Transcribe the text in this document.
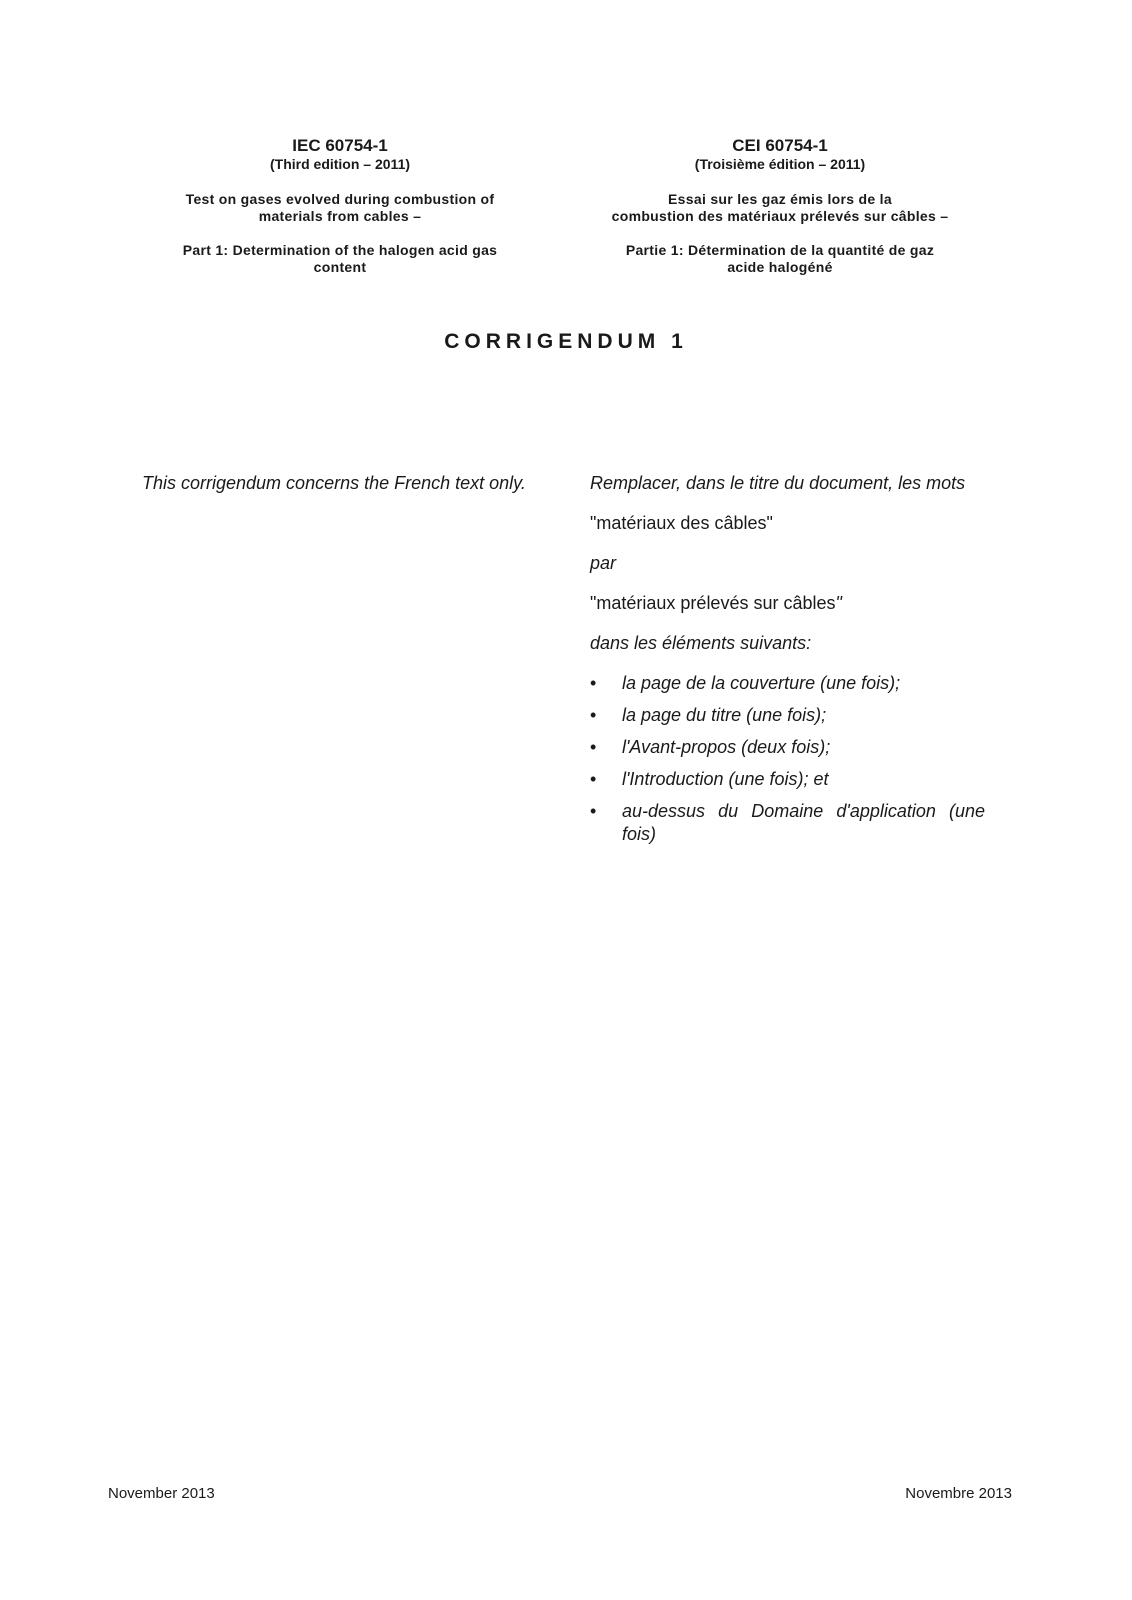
IEC 60754-1
(Third edition – 2011)
Test on gases evolved during combustion of
materials from cables –
Part 1: Determination of the halogen acid gas
content
CEI 60754-1
(Troisième édition – 2011)
Essai sur les gaz émis lors de la
combustion des matériaux prélevés sur câbles –
Partie 1: Détermination de la quantité de gaz
acide halogéné
CORRIGENDUM 1

This corrigendum concerns the French text only.	Remplacer, dans le titre du document, les mots

"matériaux des câbles"

par

"matériaux prélevés sur câbles"

dans les éléments suivants:

• la page de la couverture (une fois);
• la page du titre (une fois);
• l'Avant-propos (deux fois);
• l'Introduction (une fois); et
• au-dessus du Domaine d'application (une fois)
November 2013	Novembre 2013
